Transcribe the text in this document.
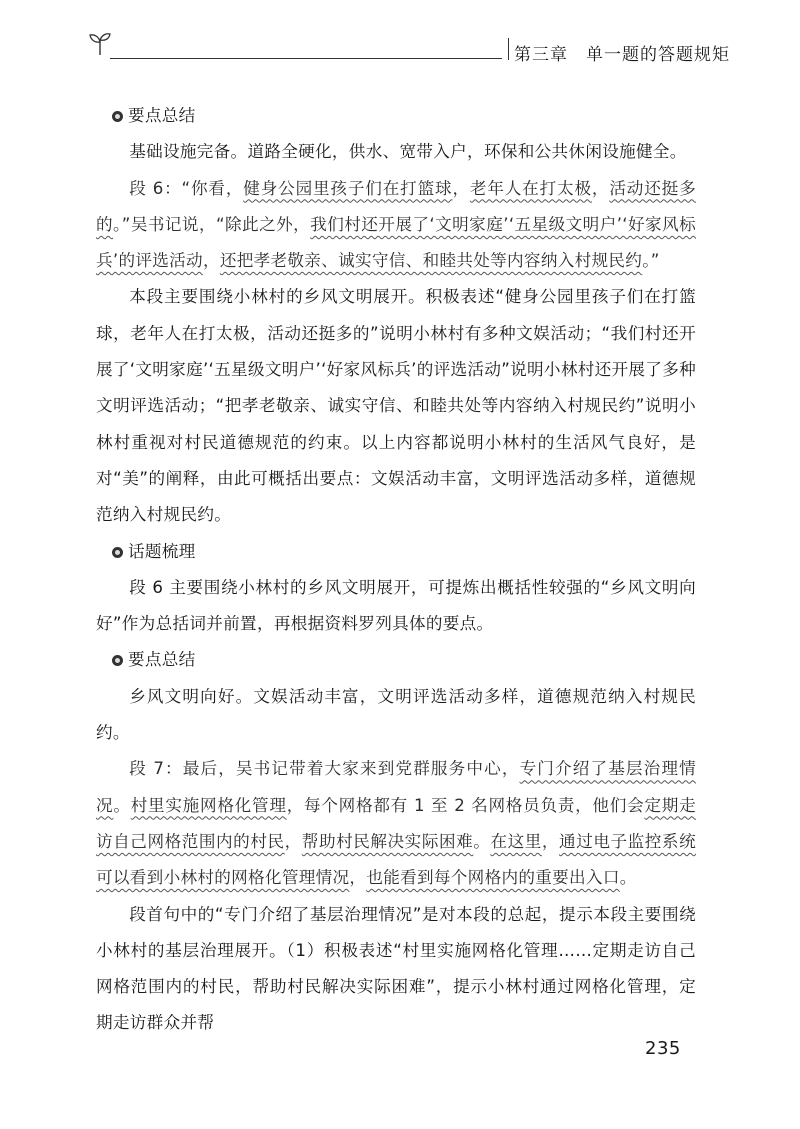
第三章　单一题的答题规矩

要点总结

基础设施完备。道路全硬化，供水、宽带入户，环保和公共休闲设施健全。

段 6：“你看，健身公园里孩子们在打篮球，老年人在打太极，活动还挺多的。”吴书记说，“除此之外，我们村还开展了‘文明家庭’‘五星级文明户’‘好家风标兵’的评选活动，还把孝老敬亲、诚实守信、和睦共处等内容纳入村规民约。”

本段主要围绕小林村的乡风文明展开。积极表述“健身公园里孩子们在打篮球，老年人在打太极，活动还挺多的”说明小林村有多种文娱活动；“我们村还开展了‘文明家庭’‘五星级文明户’‘好家风标兵’的评选活动”说明小林村还开展了多种文明评选活动；“把孝老敬亲、诚实守信、和睦共处等内容纳入村规民约”说明小林村重视对村民道德规范的约束。以上内容都说明小林村的生活风气良好，是对“美”的阐释，由此可概括出要点：文娱活动丰富，文明评选活动多样，道德规范纳入村规民约。

话题梳理

段 6 主要围绕小林村的乡风文明展开，可提炼出概括性较强的“乡风文明向好”作为总括词并前置，再根据资料罗列具体的要点。

要点总结

乡风文明向好。文娱活动丰富，文明评选活动多样，道德规范纳入村规民约。

段 7：最后，吴书记带着大家来到党群服务中心，专门介绍了基层治理情况。村里实施网格化管理，每个网格都有 1 至 2 名网格员负责，他们会定期走访自己网格范围内的村民，帮助村民解决实际困难。在这里，通过电子监控系统可以看到小林村的网格化管理情况，也能看到每个网格内的重要出入口。

段首句中的“专门介绍了基层治理情况”是对本段的总起，提示本段主要围绕小林村的基层治理展开。（1）积极表述“村里实施网格化管理……定期走访自己网格范围内的村民，帮助村民解决实际困难”，提示小林村通过网格化管理，定期走访群众并帮

235
